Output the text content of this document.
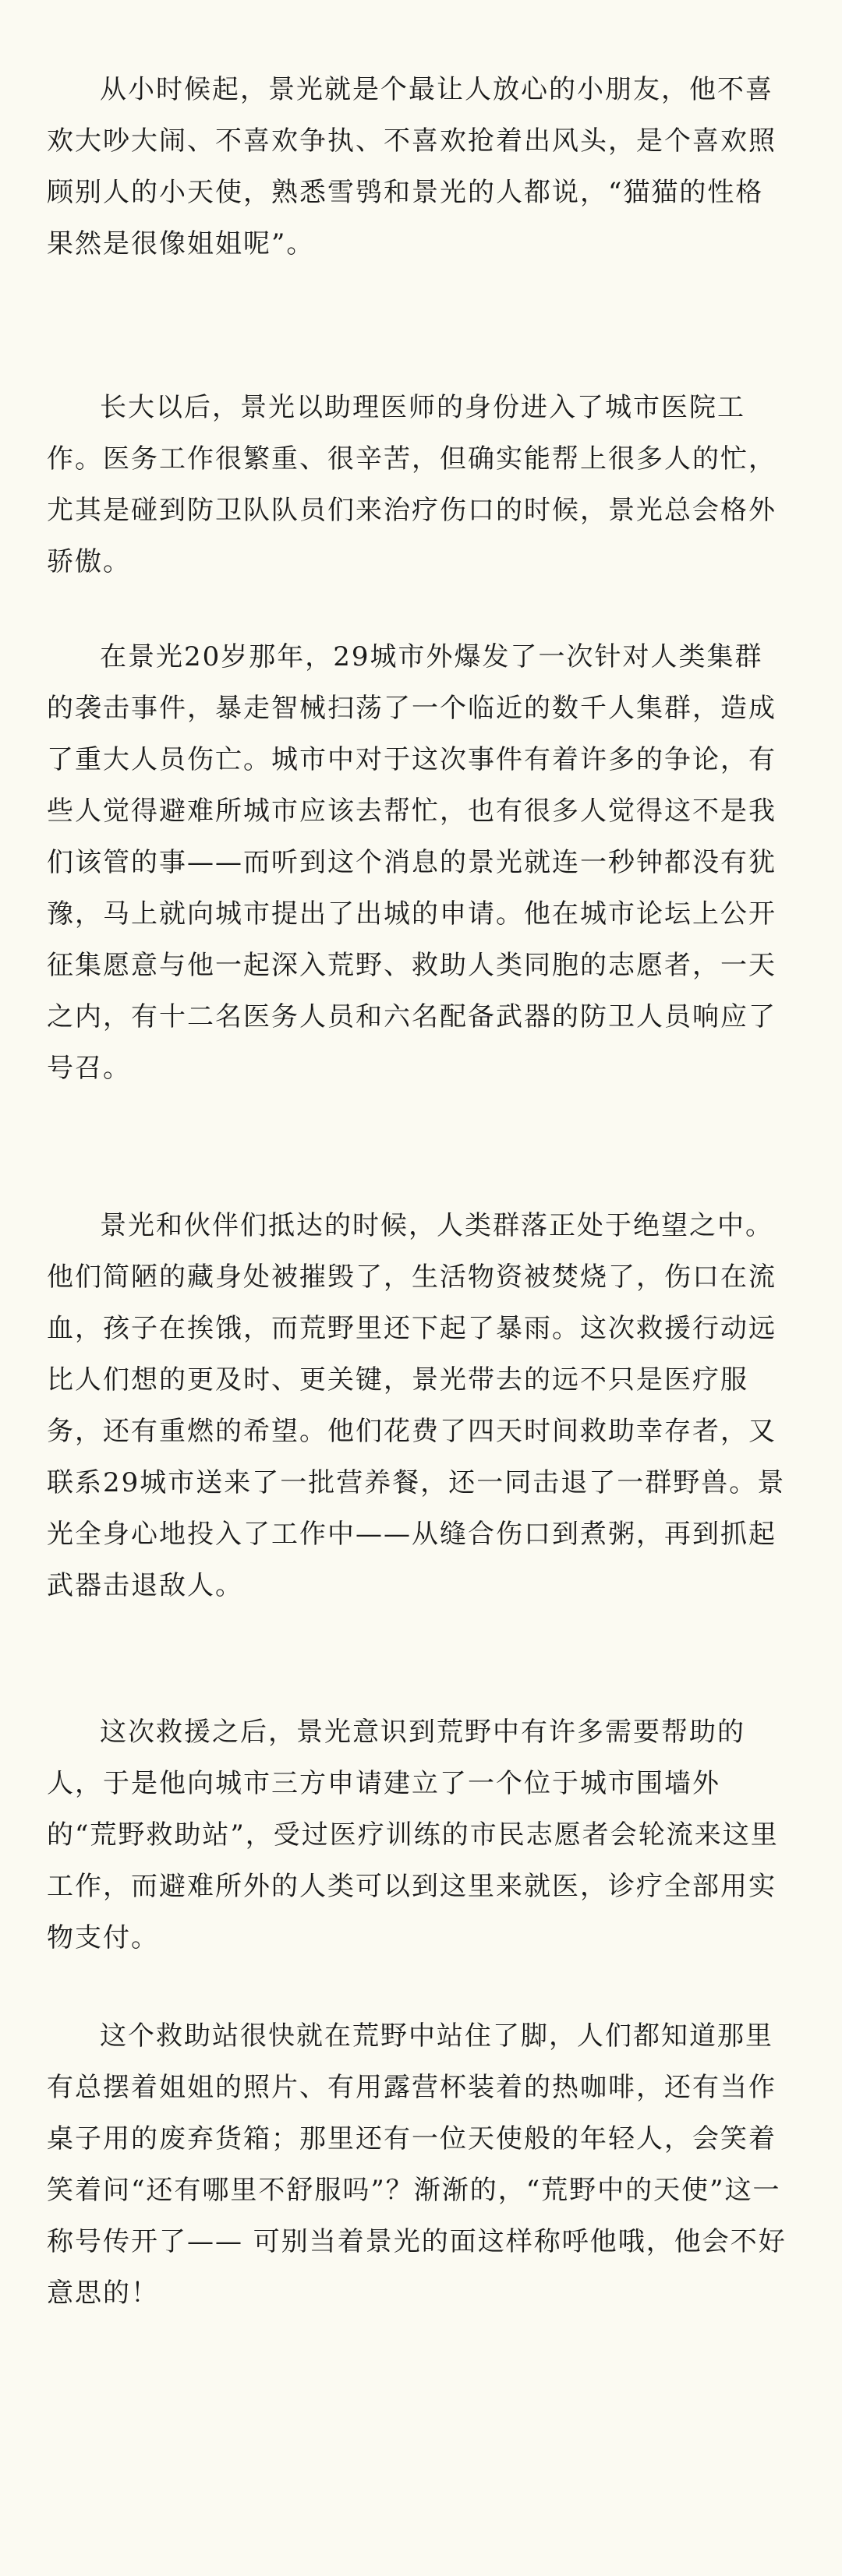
从小时候起，景光就是个最让人放心的小朋友，他不喜欢大吵大闹、不喜欢争执、不喜欢抢着出风头，是个喜欢照顾别人的小天使，熟悉雪鸮和景光的人都说，“猫猫的性格果然是很像姐姐呢”。

长大以后，景光以助理医师的身份进入了城市医院工作。医务工作很繁重、很辛苦，但确实能帮上很多人的忙，尤其是碰到防卫队队员们来治疗伤口的时候，景光总会格外骄傲。

在景光20岁那年，29城市外爆发了一次针对人类集群的袭击事件，暴走智械扫荡了一个临近的数千人集群，造成了重大人员伤亡。城市中对于这次事件有着许多的争论，有些人觉得避难所城市应该去帮忙，也有很多人觉得这不是我们该管的事——而听到这个消息的景光就连一秒钟都没有犹豫，马上就向城市提出了出城的申请。他在城市论坛上公开征集愿意与他一起深入荒野、救助人类同胞的志愿者，一天之内，有十二名医务人员和六名配备武器的防卫人员响应了号召。

景光和伙伴们抵达的时候，人类群落正处于绝望之中。他们简陋的藏身处被摧毁了，生活物资被焚烧了，伤口在流血，孩子在挨饿，而荒野里还下起了暴雨。这次救援行动远比人们想的更及时、更关键，景光带去的远不只是医疗服务，还有重燃的希望。他们花费了四天时间救助幸存者，又联系29城市送来了一批营养餐，还一同击退了一群野兽。景光全身心地投入了工作中——从缝合伤口到煮粥，再到抓起武器击退敌人。

这次救援之后，景光意识到荒野中有许多需要帮助的人，于是他向城市三方申请建立了一个位于城市围墙外的“荒野救助站”，受过医疗训练的市民志愿者会轮流来这里工作，而避难所外的人类可以到这里来就医，诊疗全部用实物支付。

这个救助站很快就在荒野中站住了脚，人们都知道那里有总摆着姐姐的照片、有用露营杯装着的热咖啡，还有当作桌子用的废弃货箱；那里还有一位天使般的年轻人，会笑着笑着问“还有哪里不舒服吗”？渐渐的，“荒野中的天使”这一称号传开了—— 可别当着景光的面这样称呼他哦，他会不好意思的！
